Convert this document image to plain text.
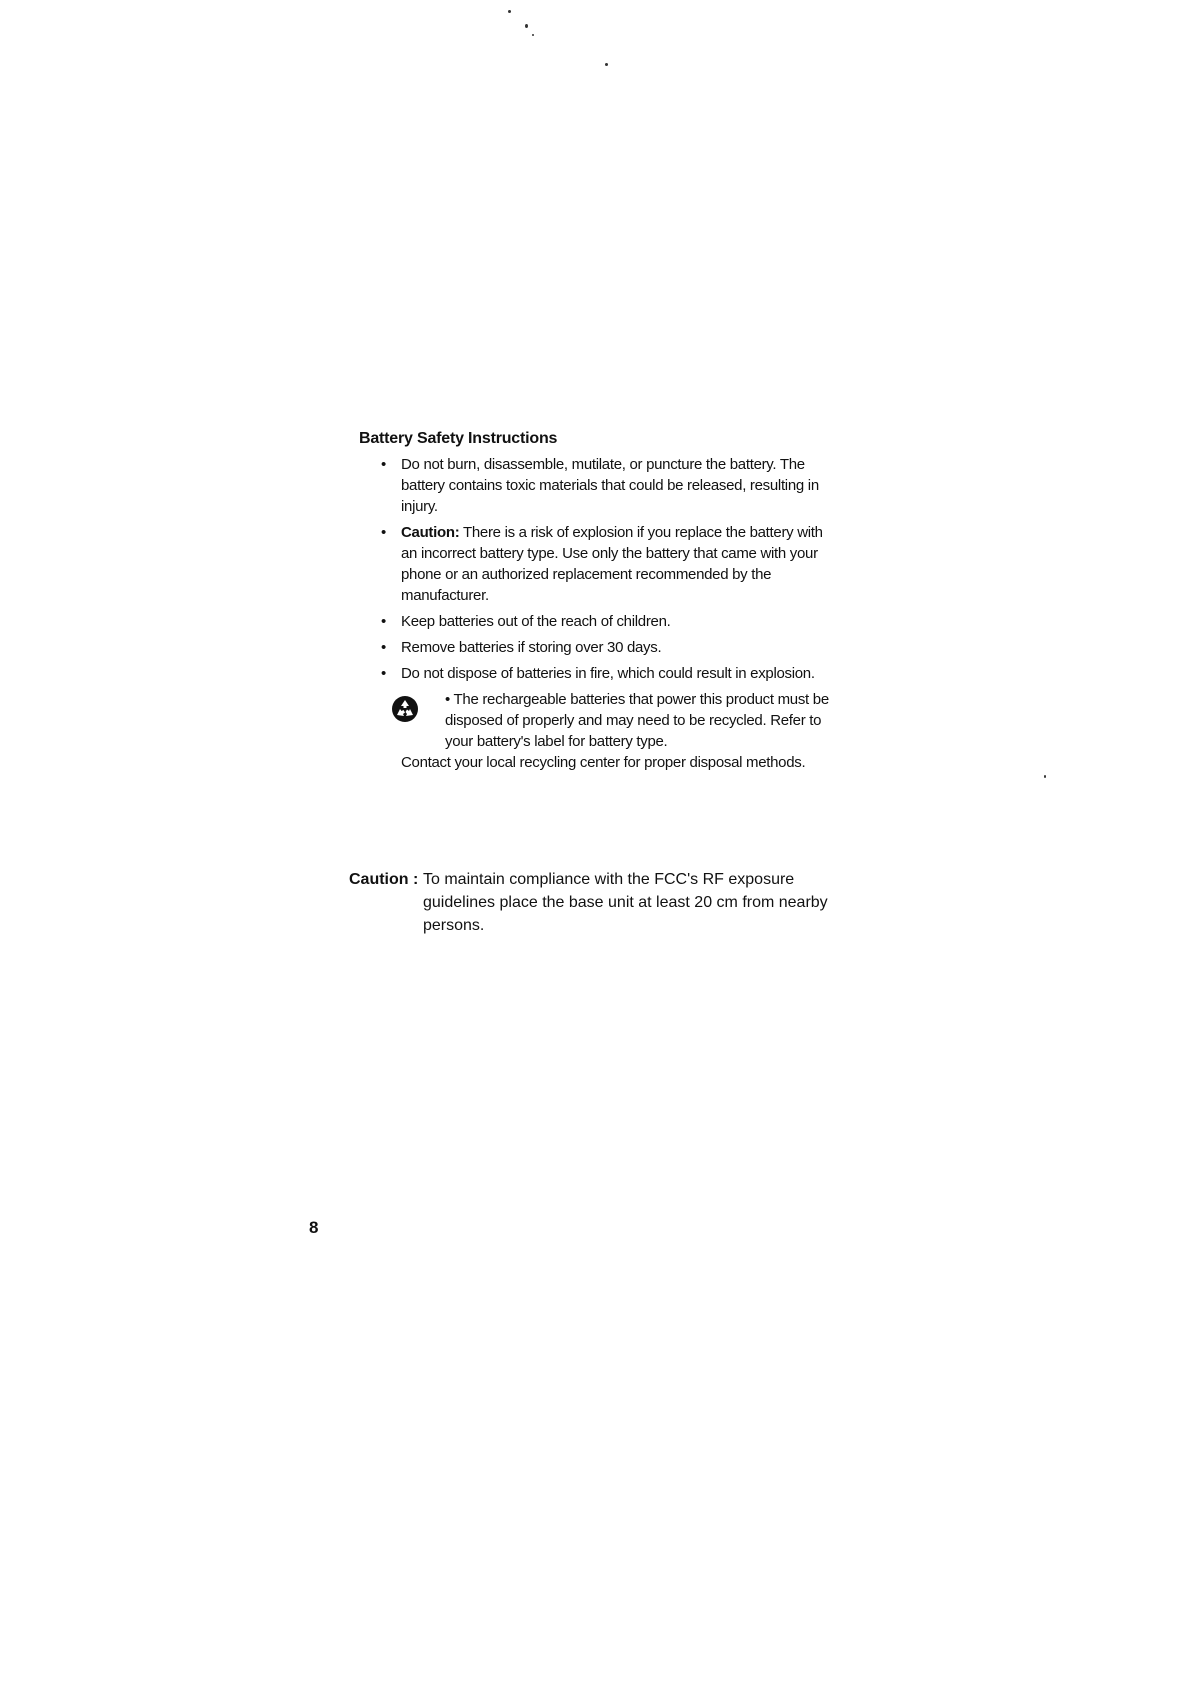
Battery Safety Instructions
• Do not burn, disassemble, mutilate, or puncture the battery. The battery contains toxic materials that could be released, resulting in injury.
• Caution: There is a risk of explosion if you replace the battery with an incorrect battery type. Use only the battery that came with your phone or an authorized replacement recommended by the manufacturer.
• Keep batteries out of the reach of children.
• Remove batteries if storing over 30 days.
• Do not dispose of batteries in fire, which could result in explosion.
• The rechargeable batteries that power this product must be disposed of properly and may need to be recycled. Refer to your battery's label for battery type.
Contact your local recycling center for proper disposal methods.
Caution : To maintain compliance with the FCC's RF exposure guidelines place the base unit at least 20 cm from nearby persons.
8
